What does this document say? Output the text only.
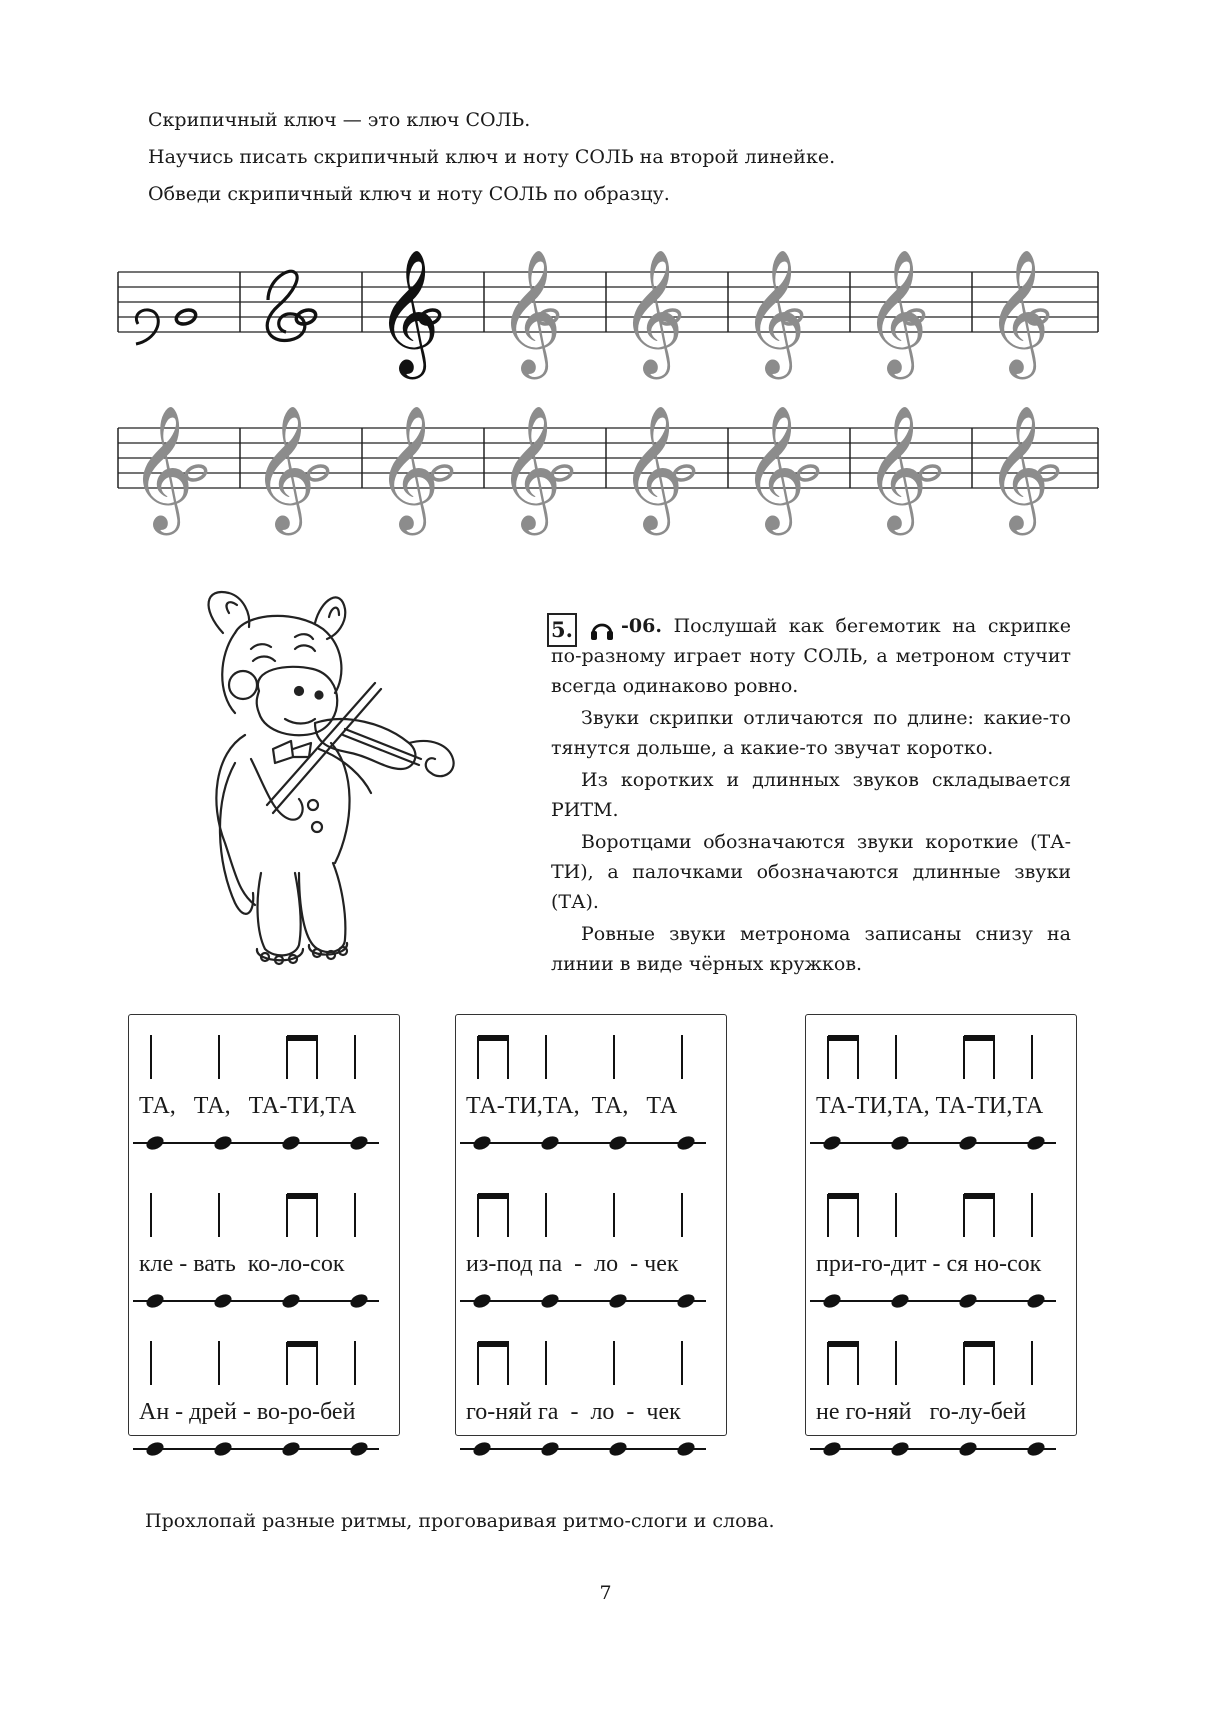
Скрипичный ключ — это ключ СОЛЬ.

Научись писать скрипичный ключ и ноту СОЛЬ на второй линейке.

Обведи скрипичный ключ и ноту СОЛЬ по образцу.

𝄞 𝄞 𝄞 𝄞 𝄞 𝄞
𝄞 𝄞 𝄞 𝄞 𝄞 𝄞 𝄞 𝄞
5.	-06. Послушай как бегемотик на скрипке по-разному играет ноту СОЛЬ, а метроном стучит всегда одинаково ровно.

Звуки скрипки отличаются по длине: какие-то тянутся дольше, а какие-то звучат коротко.

Из коротких и длинных звуков складывается РИТМ.

Воротцами обозначаются звуки короткие (ТА-ТИ), а палочками обозначаются длинные звуки (ТА).

Ровные звуки метронома записаны снизу на линии в виде чёрных кружков.

ТА,   ТА,   ТА-ТИ,ТА
кле - вать  ко-ло-сок
Ан - дрей - во-ро-бей
ТА-ТИ,ТА,  ТА,   ТА
из-под па  -  ло  - чек
го-няй га  -  ло  -  чек
ТА-ТИ,ТА, ТА-ТИ,ТА
при-го-дит - ся но-сок
не го-няй   го-лу-бей

Прохлопай разные ритмы, проговаривая ритмо-слоги и слова.

7
